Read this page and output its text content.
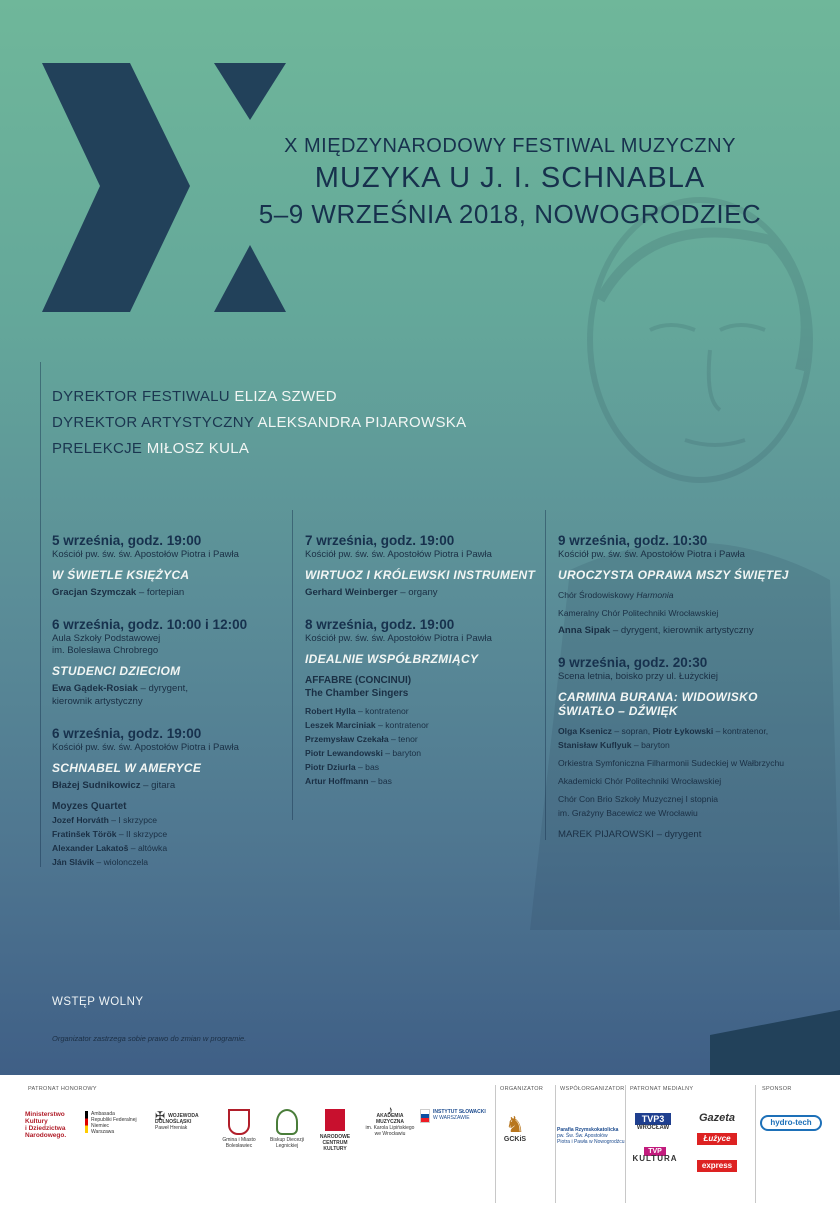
X MIĘDZYNARODOWY FESTIWAL MUZYCZNY
MUZYKA U J. I. SCHNABLA
5–9 WRZEŚNIA 2018, NOWOGRODZIEC
DYREKTOR FESTIWALU ELIZA SZWED
DYREKTOR ARTYSTYCZNY ALEKSANDRA PIJAROWSKA
PRELEKCJE MIŁOSZ KULA
5 września, godz. 19:00
Kościół pw. św. św. Apostołów Piotra i Pawła
W ŚWIETLE KSIĘŻYCA
Gracjan Szymczak – fortepian
6 września, godz. 10:00 i 12:00
Aula Szkoły Podstawowej
im. Bolesława Chrobrego
STUDENCI DZIECIOM
Ewa Gądek-Rosiak – dyrygent,
kierownik artystyczny
6 września, godz. 19:00
Kościół pw. św. św. Apostołów Piotra i Pawła
SCHNABEL W AMERYCE
Błażej Sudnikowicz – gitara
Moyzes Quartet
Jozef Horváth – I skrzypce
Fratinšek Török – II skrzypce
Alexander Lakatoš – altówka
Ján Slávik – wiolonczela
7 września, godz. 19:00
Kościół pw. św. św. Apostołów Piotra i Pawła
WIRTUOZ I KRÓLEWSKI INSTRUMENT
Gerhard Weinberger – organy
8 września, godz. 19:00
Kościół pw. św. św. Apostołów Piotra i Pawła
IDEALNIE WSPÓŁBRZMIĄCY
AFFABRE (CONCINUI)
The Chamber Singers
Robert Hylla – kontratenor
Leszek Marciniak – kontratenor
Przemysław Czekała – tenor
Piotr Lewandowski – baryton
Piotr Dziurla – bas
Artur Hoffmann – bas
9 września, godz. 10:30
Kościół pw. św. św. Apostołów Piotra i Pawła
UROCZYSTA OPRAWA MSZY ŚWIĘTEJ
Chór Środowiskowy Harmonia
Kameralny Chór Politechniki Wrocławskiej
Anna Sipak – dyrygent, kierownik artystyczny
9 września, godz. 20:30
Scena letnia, boisko przy ul. Łużyckiej
CARMINA BURANA: WIDOWISKO
ŚWIATŁO – DŹWIĘK
Olga Ksenicz – sopran, Piotr Łykowski – kontratenor,
Stanisław Kuflyuk – baryton
Orkiestra Symfoniczna Filharmonii Sudeckiej w Wałbrzychu
Akademicki Chór Politechniki Wrocławskiej
Chór Con Brio Szkoły Muzycznej I stopnia
im. Grażyny Bacewicz we Wrocławiu
MAREK PIJAROWSKI – dyrygent
WSTĘP WOLNY
Organizator zastrzega sobie prawo do zmian w programie.
PATRONAT HONOROWY	ORGANIZATOR	WSPÓŁORGANIZATOR PATRONAT MEDIALNY	SPONSOR
Ministerstwo
Kultury
i Dziedzictwa
Narodowego.
Ambasada
Republiki Federalnej Niemiec
Warszawa
✠ WOJEWODA
DOLNOŚLĄSKI
Paweł Hreniak
Gmina i Miasto Bolesławiec
Biskup Diecezji Legnickiej
NARODOWE
CENTRUM
KULTURY
♪
AKADEMIA MUZYCZNA
im. Karola Lipińskiego we Wrocławiu
INSTYTUT SŁOWACKI
W WARSZAWIE	♞
GCKiS
Parafia Rzymskokatolicka
pw. Św. Św. Apostołów
Piotra i Pawła w Nowogrodźcu
TVP3
WROCŁAW
TVP
KULTURA
Gazeta
Łużyce
express
hydro-tech
